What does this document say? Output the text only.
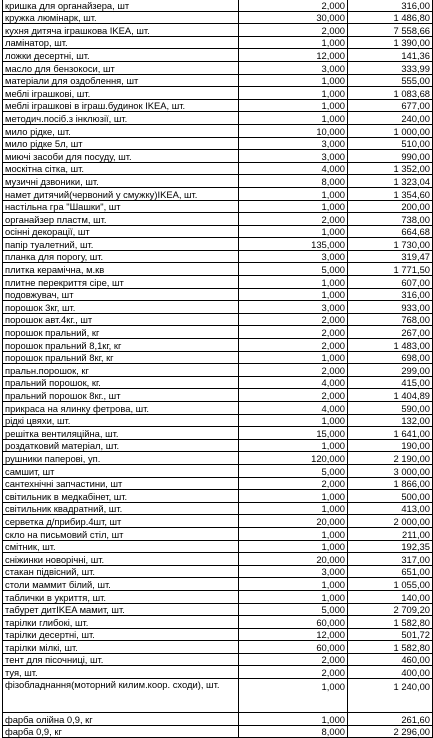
кришка для органайзера, шт	2,000	316,00
кружка люмінарк, шт.	30,000	1 486,80
кухня дитяча іграшкова IKEA, шт.	2,000	7 558,66
ламінатор, шт.	1,000	1 390,00
ложки десертні, шт.	12,000	141,36
масло для бензокоси, шт	3,000	333,99
матеріали для оздоблення, шт	1,000	555,00
меблі іграшкові, шт.	1,000	1 083,68
меблі іграшкові в іграш.будинок IKEA, шт.	1,000	677,00
методич.посіб.з інклюзії, шт.	1,000	240,00
мило рідке, шт.	10,000	1 000,00
мило рідке 5л, шт	3,000	510,00
миючі засоби для посуду, шт.	3,000	990,00
москітна сітка, шт.	4,000	1 352,00
музичні дзвоники, шт.	8,000	1 323,04
намет дитячий(червоний у смужку)IKEA, шт.	1,000	1 354,60
настільна гра "Шашки", шт	1,000	200,00
органайзер пластм, шт.	2,000	738,00
осінні декорації, шт	1,000	664,68
папір туалетний, шт.	135,000	1 730,00
планка для порогу, шт.	3,000	319,47
плитка керамічна, м.кв	5,000	1 771,50
плитне перекриття сіре, шт	1,000	607,00
подовжувач, шт	1,000	316,00
порошок 3кг, шт.	3,000	933,00
порошок авт.4кг., шт	2,000	768,00
порошок пральний, кг	2,000	267,00
порошок пральний 8,1кг, кг	2,000	1 483,00
порошок пральний 8кг, кг	1,000	698,00
пральн.порошок, кг	2,000	299,00
пральний порошок, кг.	4,000	415,00
пральний порошок 8кг., шт	2,000	1 404,89
прикраса на ялинку фетрова, шт.	4,000	590,00
рідкі цвяхи, шт.	1,000	132,00
решітка вентиляційна, шт.	15,000	1 641,00
роздатковий матеріал, шт.	1,000	190,00
рушники паперові, уп.	120,000	2 190,00
самшит, шт	5,000	3 000,00
сантехнічні запчастини, шт	2,000	1 866,00
світильник в медкабінет, шт.	1,000	500,00
світильник квадратний, шт.	1,000	413,00
серветка д/прибир.4шт, шт	20,000	2 000,00
скло на письмовий стіл, шт	1,000	211,00
смітник, шт.	1,000	192,35
сніжинки новорічні, шт.	20,000	317,00
стакан підвісний, шт.	3,000	651,00
столи маммит білий, шт.	1,000	1 055,00
таблички в укриття, шт.	1,000	140,00
табурет дитIKEA мамит, шт.	5,000	2 709,20
тарілки глибокі, шт.	60,000	1 582,80
тарілки десертні, шт.	12,000	501,72
тарілки мілкі, шт.	60,000	1 582,80
тент для пісочниці, шт.	2,000	460,00
туя, шт.	2,000	400,00
фізобладнання(моторний килим.коор. сходи), шт.	1,000	1 240,00
фарба олійна 0,9, кг	1,000	261,60
фарба 0,9, кг	8,000	2 296,00
